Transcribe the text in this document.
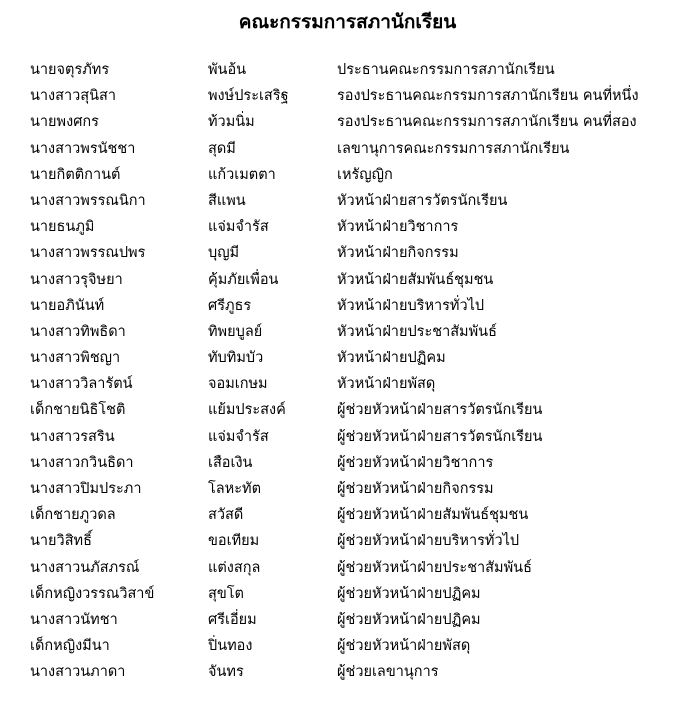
คณะกรรมการสภานักเรียน
นายจตุรภัทร	พันอ้น	ประธานคณะกรรมการสภานักเรียน
นางสาวสุนิสา	พงษ์ประเสริฐ	รองประธานคณะกรรมการสภานักเรียน คนที่หนึ่ง
นายพงศกร	ท้วมนิ่ม	รองประธานคณะกรรมการสภานักเรียน คนที่สอง
นางสาวพรนัชชา	สุดมี	เลขานุการคณะกรรมการสภานักเรียน
นายกิตติกานต์	แก้วเมตตา	เหรัญญิก
นางสาวพรรณนิกา	สีแพน	หัวหน้าฝ่ายสารวัตรนักเรียน
นายธนภูมิ	แจ่มจำรัส	หัวหน้าฝ่ายวิชาการ
นางสาวพรรณปพร	บุญมี	หัวหน้าฝ่ายกิจกรรม
นางสาวรุจิษยา	คุ้มภัยเพื่อน	หัวหน้าฝ่ายสัมพันธ์ชุมชน
นายอภินันท์	ศรีภูธร	หัวหน้าฝ่ายบริหารทั่วไป
นางสาวทิพธิดา	ทิพยบูลย์	หัวหน้าฝ่ายประชาสัมพันธ์
นางสาวพิชญา	ทับทิมบัว	หัวหน้าฝ่ายปฏิคม
นางสาววิลารัตน์	จอมเกษม	หัวหน้าฝ่ายพัสดุ
เด็กชายนิธิโชติ	แย้มประสงค์	ผู้ช่วยหัวหน้าฝ่ายสารวัตรนักเรียน
นางสาวรสริน	แจ่มจำรัส	ผู้ช่วยหัวหน้าฝ่ายสารวัตรนักเรียน
นางสาวกวินธิดา	เสือเงิน	ผู้ช่วยหัวหน้าฝ่ายวิชาการ
นางสาวปิมประภา	โลหะทัต	ผู้ช่วยหัวหน้าฝ่ายกิจกรรม
เด็กชายภูวดล	สวัสดี	ผู้ช่วยหัวหน้าฝ่ายสัมพันธ์ชุมชน
นายวิสิทธิ์	ขอเทียม	ผู้ช่วยหัวหน้าฝ่ายบริหารทั่วไป
นางสาวนภัสภรณ์	แต่งสกุล	ผู้ช่วยหัวหน้าฝ่ายประชาสัมพันธ์
เด็กหญิงวรรณวิสาข์	สุขโต	ผู้ช่วยหัวหน้าฝ่ายปฏิคม
นางสาวนัทชา	ศรีเอี่ยม	ผู้ช่วยหัวหน้าฝ่ายปฏิคม
เด็กหญิงมีนา	ปิ่นทอง	ผู้ช่วยหัวหน้าฝ่ายพัสดุ
นางสาวนภาดา	จันทร	ผู้ช่วยเลขานุการ
